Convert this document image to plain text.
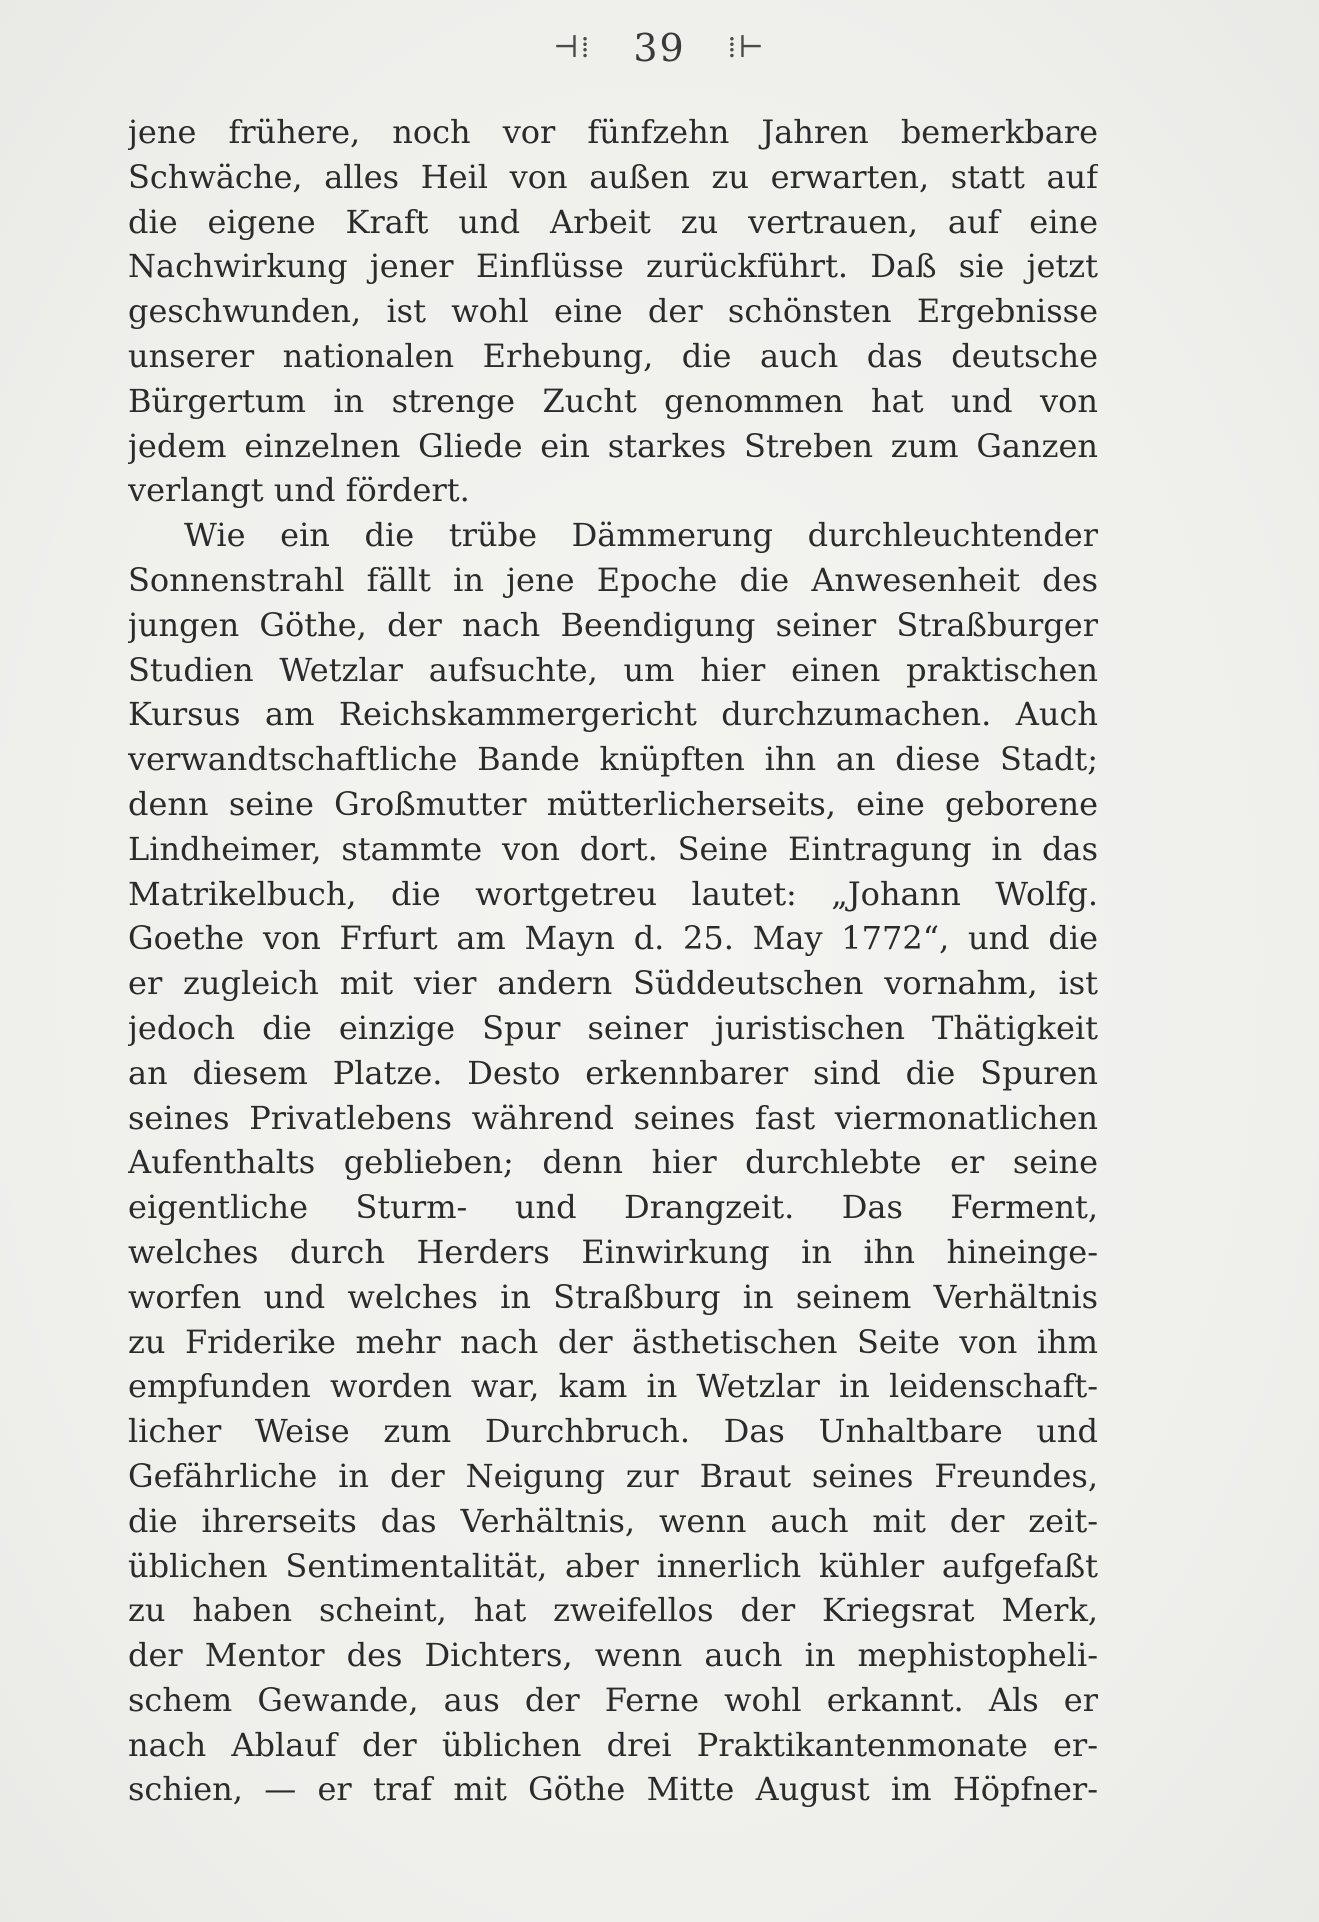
⊣⁞ 39 ⁞⊢
jene frühere, noch vor fünfzehn Jahren bemerkbare
Schwäche, alles Heil von außen zu erwarten, statt auf
die eigene Kraft und Arbeit zu vertrauen, auf eine
Nachwirkung jener Einflüsse zurückführt. Daß sie jetzt
geschwunden, ist wohl eine der schönsten Ergebnisse
unserer nationalen Erhebung, die auch das deutsche
Bürgertum in strenge Zucht genommen hat und von
jedem einzelnen Gliede ein starkes Streben zum Ganzen
verlangt und fördert.
Wie ein die trübe Dämmerung durchleuchtender
Sonnenstrahl fällt in jene Epoche die Anwesenheit des
jungen Göthe, der nach Beendigung seiner Straßburger
Studien Wetzlar aufsuchte, um hier einen praktischen
Kursus am Reichskammergericht durchzumachen. Auch
verwandtschaftliche Bande knüpften ihn an diese Stadt;
denn seine Großmutter mütterlicherseits, eine geborene
Lindheimer, stammte von dort. Seine Eintragung in das
Matrikelbuch, die wortgetreu lautet: „Johann Wolfg.
Goethe von Frfurt am Mayn d. 25. May 1772“, und die
er zugleich mit vier andern Süddeutschen vornahm, ist
jedoch die einzige Spur seiner juristischen Thätigkeit
an diesem Platze. Desto erkennbarer sind die Spuren
seines Privatlebens während seines fast viermonatlichen
Aufenthalts geblieben; denn hier durchlebte er seine
eigentliche Sturm- und Drangzeit. Das Ferment,
welches durch Herders Einwirkung in ihn hineinge-
worfen und welches in Straßburg in seinem Verhältnis
zu Friderike mehr nach der ästhetischen Seite von ihm
empfunden worden war, kam in Wetzlar in leidenschaft-
licher Weise zum Durchbruch. Das Unhaltbare und
Gefährliche in der Neigung zur Braut seines Freundes,
die ihrerseits das Verhältnis, wenn auch mit der zeit-
üblichen Sentimentalität, aber innerlich kühler aufgefaßt
zu haben scheint, hat zweifellos der Kriegsrat Merk,
der Mentor des Dichters, wenn auch in mephistopheli-
schem Gewande, aus der Ferne wohl erkannt. Als er
nach Ablauf der üblichen drei Praktikantenmonate er-
schien, — er traf mit Göthe Mitte August im Höpfner-
